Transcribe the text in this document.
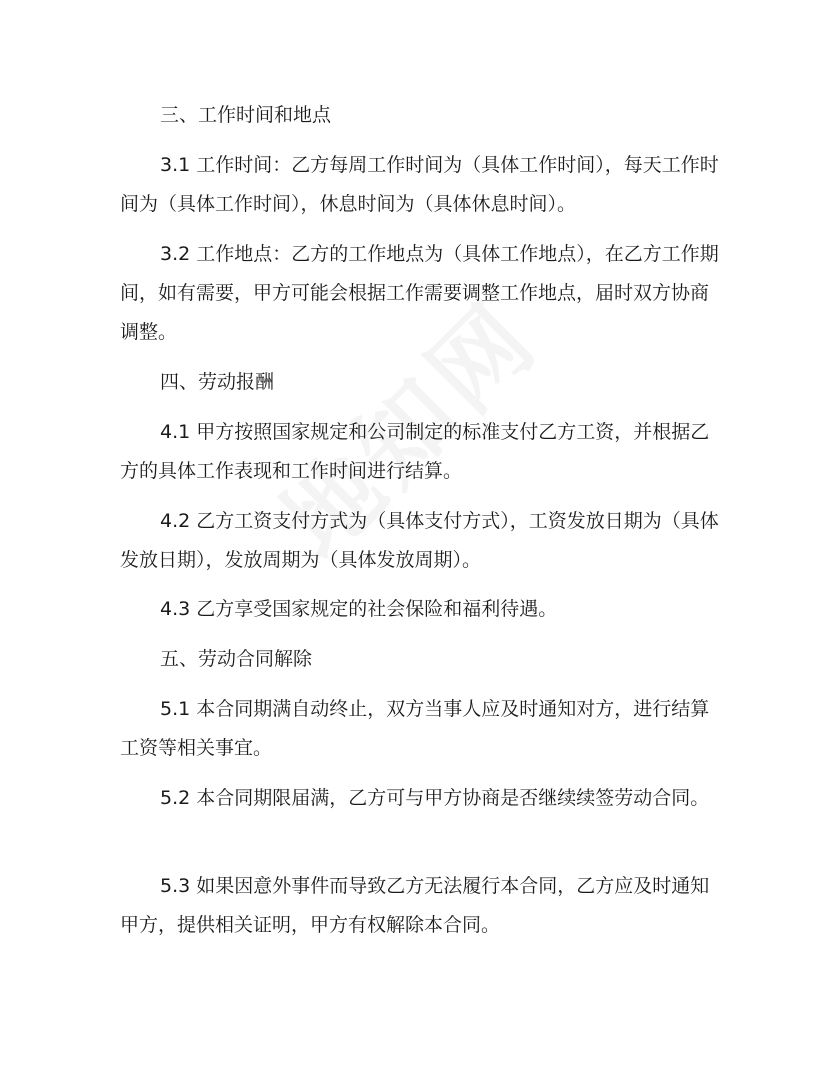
三、工作时间和地点

3.1 工作时间：乙方每周工作时间为（具体工作时间），每天工作时间为（具体工作时间），休息时间为（具体休息时间）。

3.2 工作地点：乙方的工作地点为（具体工作地点），在乙方工作期间，如有需要，甲方可能会根据工作需要调整工作地点，届时双方协商调整。

四、劳动报酬

4.1 甲方按照国家规定和公司制定的标准支付乙方工资，并根据乙方的具体工作表现和工作时间进行结算。

4.2 乙方工资支付方式为（具体支付方式），工资发放日期为（具体发放日期），发放周期为（具体发放周期）。

4.3 乙方享受国家规定的社会保险和福利待遇。

五、劳动合同解除

5.1 本合同期满自动终止，双方当事人应及时通知对方，进行结算工资等相关事宜。

5.2 本合同期限届满，乙方可与甲方协商是否继续续签劳动合同。

5.3 如果因意外事件而导致乙方无法履行本合同，乙方应及时通知甲方，提供相关证明，甲方有权解除本合同。
